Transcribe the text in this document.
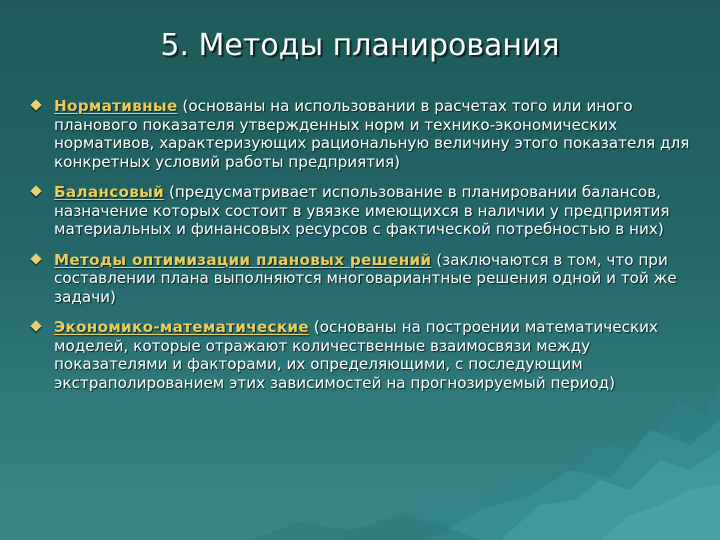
5. Методы планирования
Нормативные (основаны на использовании в расчетах того или иного планового показателя утвержденных норм и технико-экономических нормативов, характеризующих рациональную величину этого показателя для конкретных условий работы предприятия)
Балансовый (предусматривает использование в планировании балансов, назначение которых состоит в увязке имеющихся в наличии у предприятия материальных и финансовых ресурсов с фактической потребностью в них)
Методы оптимизации плановых решений (заключаются в том, что при составлении плана выполняются многовариантные решения одной и той же задачи)
Экономико-математические (основаны на построении математических моделей, которые отражают количественные взаимосвязи между показателями и факторами, их определяющими, с последующим экстраполированием этих зависимостей на прогнозируемый период)
